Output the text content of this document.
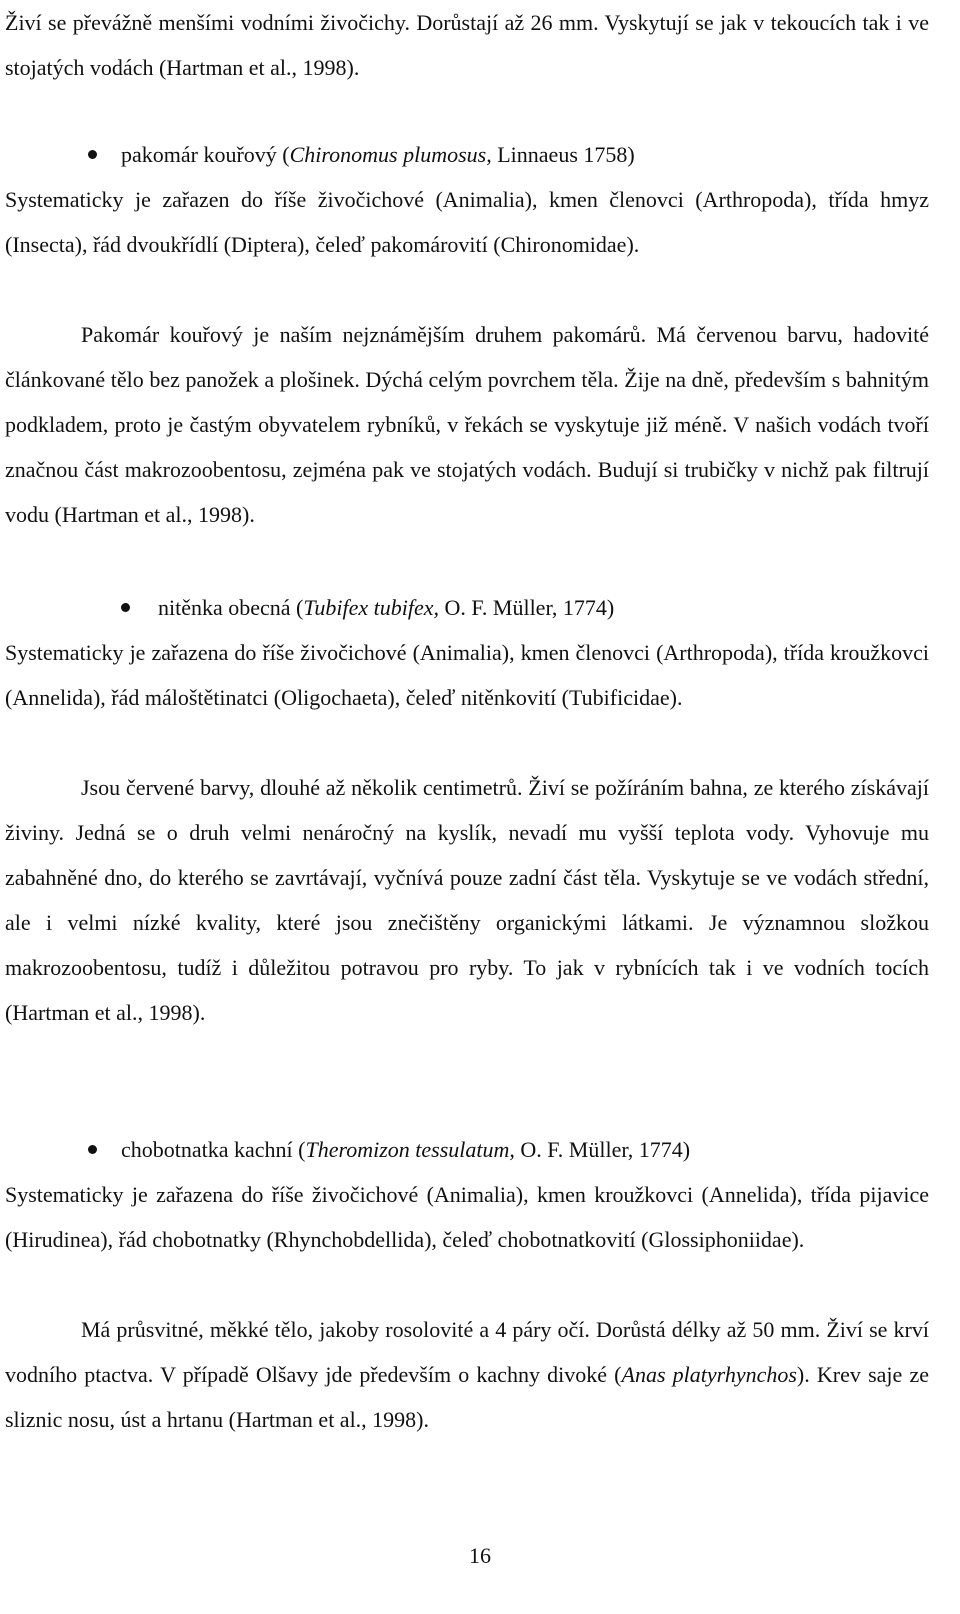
Živí se převážně menšími vodními živočichy. Dorůstají až 26 mm. Vyskytují se jak v tekoucích tak i ve stojatých vodách (Hartman et al., 1998).

pakomár kouřový (Chironomus plumosus, Linnaeus 1758)

Systematicky je zařazen do říše živočichové (Animalia), kmen členovci (Arthropoda), třída hmyz (Insecta), řád dvoukřídlí (Diptera), čeleď pakomárovití (Chironomidae).

Pakomár kouřový je naším nejznámějším druhem pakomárů. Má červenou barvu, hadovité článkované tělo bez panožek a plošinek. Dýchá celým povrchem těla. Žije na dně, především s bahnitým podkladem, proto je častým obyvatelem rybníků, v řekách se vyskytuje již méně. V našich vodách tvoří značnou část makrozoobentosu, zejména pak ve stojatých vodách. Budují si trubičky v nichž pak filtrují vodu (Hartman et al., 1998).

nitěnka obecná (Tubifex tubifex, O. F. Müller, 1774)

Systematicky je zařazena do říše živočichové (Animalia), kmen členovci (Arthropoda), třída kroužkovci (Annelida), řád máloštětinatci (Oligochaeta), čeleď nitěnkovití (Tubificidae).

Jsou červené barvy, dlouhé až několik centimetrů. Živí se požíráním bahna, ze kterého získávají živiny. Jedná se o druh velmi nenáročný na kyslík, nevadí mu vyšší teplota vody. Vyhovuje mu zabahněné dno, do kterého se zavrtávají, vyčnívá pouze zadní část těla. Vyskytuje se ve vodách střední, ale i velmi nízké kvality, které jsou znečištěny organickými látkami. Je významnou složkou makrozoobentosu, tudíž i důležitou potravou pro ryby. To jak v rybnících tak i ve vodních tocích (Hartman et al., 1998).

chobotnatka kachní (Theromizon tessulatum, O. F. Müller, 1774)

Systematicky je zařazena do říše živočichové (Animalia), kmen kroužkovci (Annelida), třída pijavice (Hirudinea), řád chobotnatky (Rhynchobdellida), čeleď chobotnatkovití (Glossiphoniidae).

Má průsvitné, měkké tělo, jakoby rosolovité a 4 páry očí. Dorůstá délky až 50 mm. Živí se krví vodního ptactva. V případě Olšavy jde především o kachny divoké (Anas platyrhynchos). Krev saje ze sliznic nosu, úst a hrtanu (Hartman et al., 1998).

16
